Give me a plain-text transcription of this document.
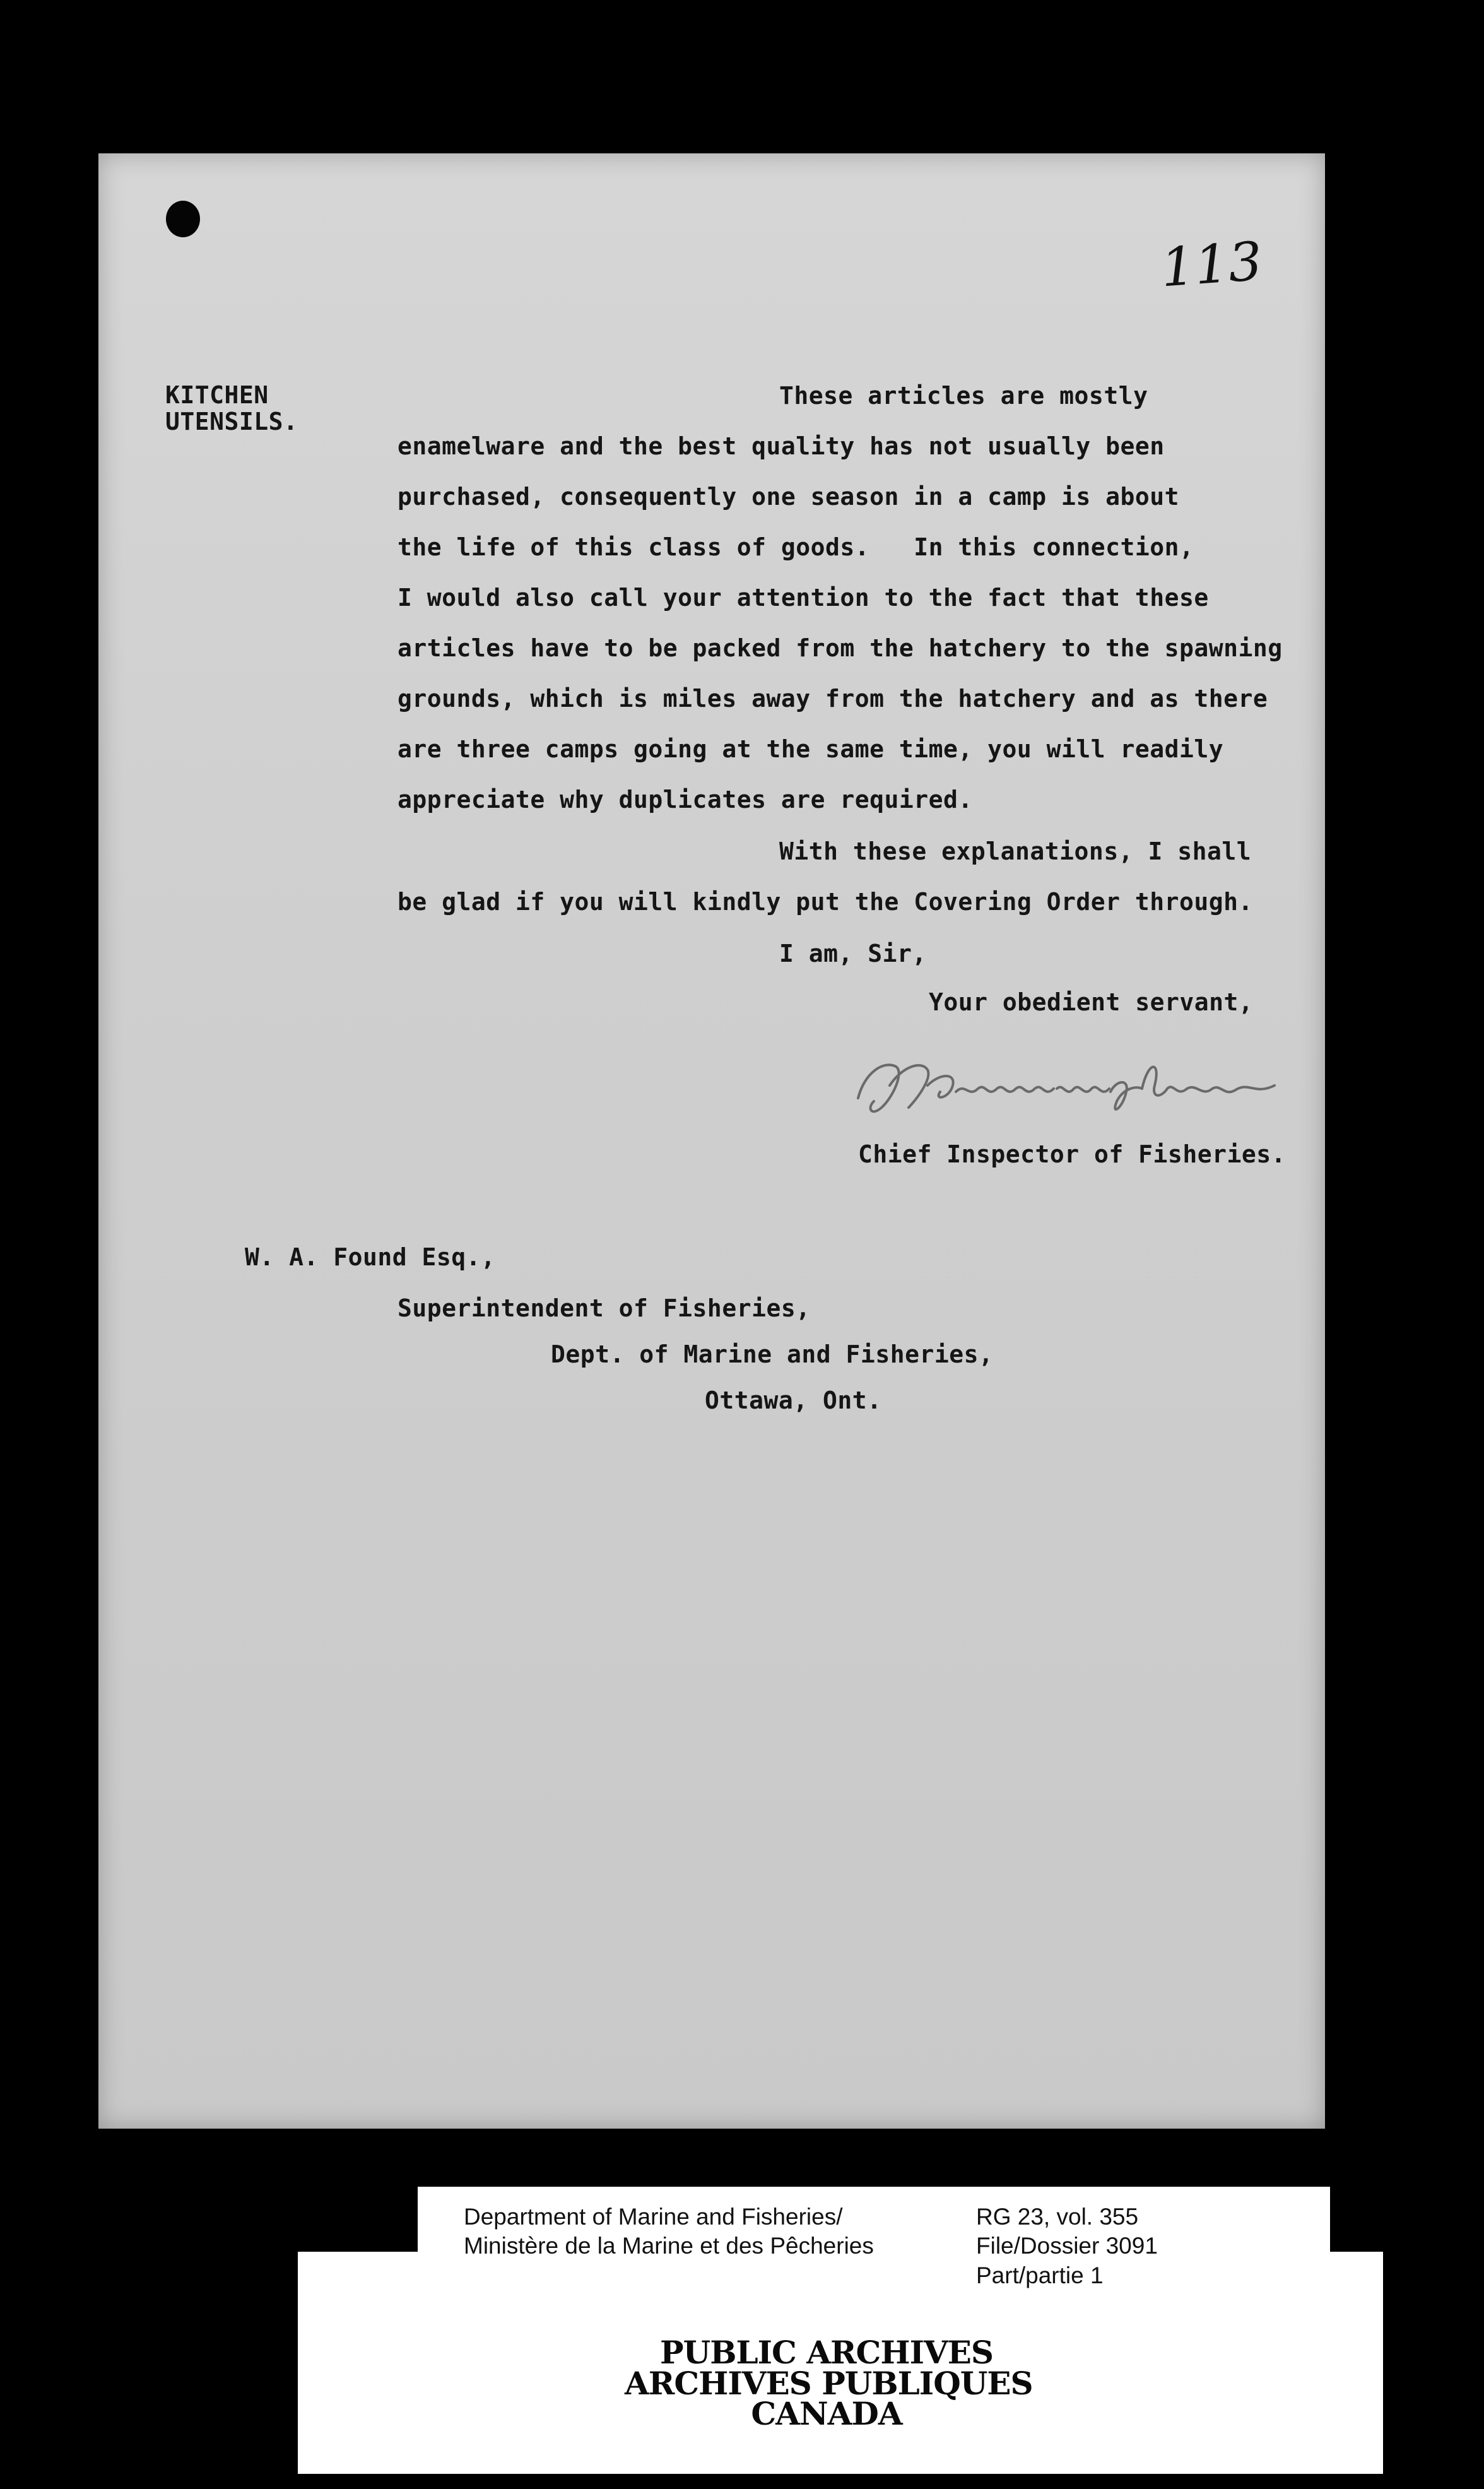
113
KITCHEN
UTENSILS.
These articles are mostly
enamelware and the best quality has not usually been
purchased, consequently one season in a camp is about
the life of this class of goods.   In this connection,
I would also call your attention to the fact that these
articles have to be packed from the hatchery to the spawning
grounds, which is miles away from the hatchery and as there
are three camps going at the same time, you will readily
appreciate why duplicates are required.
With these explanations, I shall
be glad if you will kindly put the Covering Order through.
I am, Sir,
Your obedient servant,
Chief Inspector of Fisheries.
W. A. Found Esq.,
Superintendent of Fisheries,
Dept. of Marine and Fisheries,
Ottawa, Ont.
Department of Marine and Fisheries/
Ministère de la Marine et des Pêcheries
RG 23, vol. 355
File/Dossier 3091
Part/partie 1
PUBLIC ARCHIVES
ARCHIVES PUBLIQUES
CANADA
